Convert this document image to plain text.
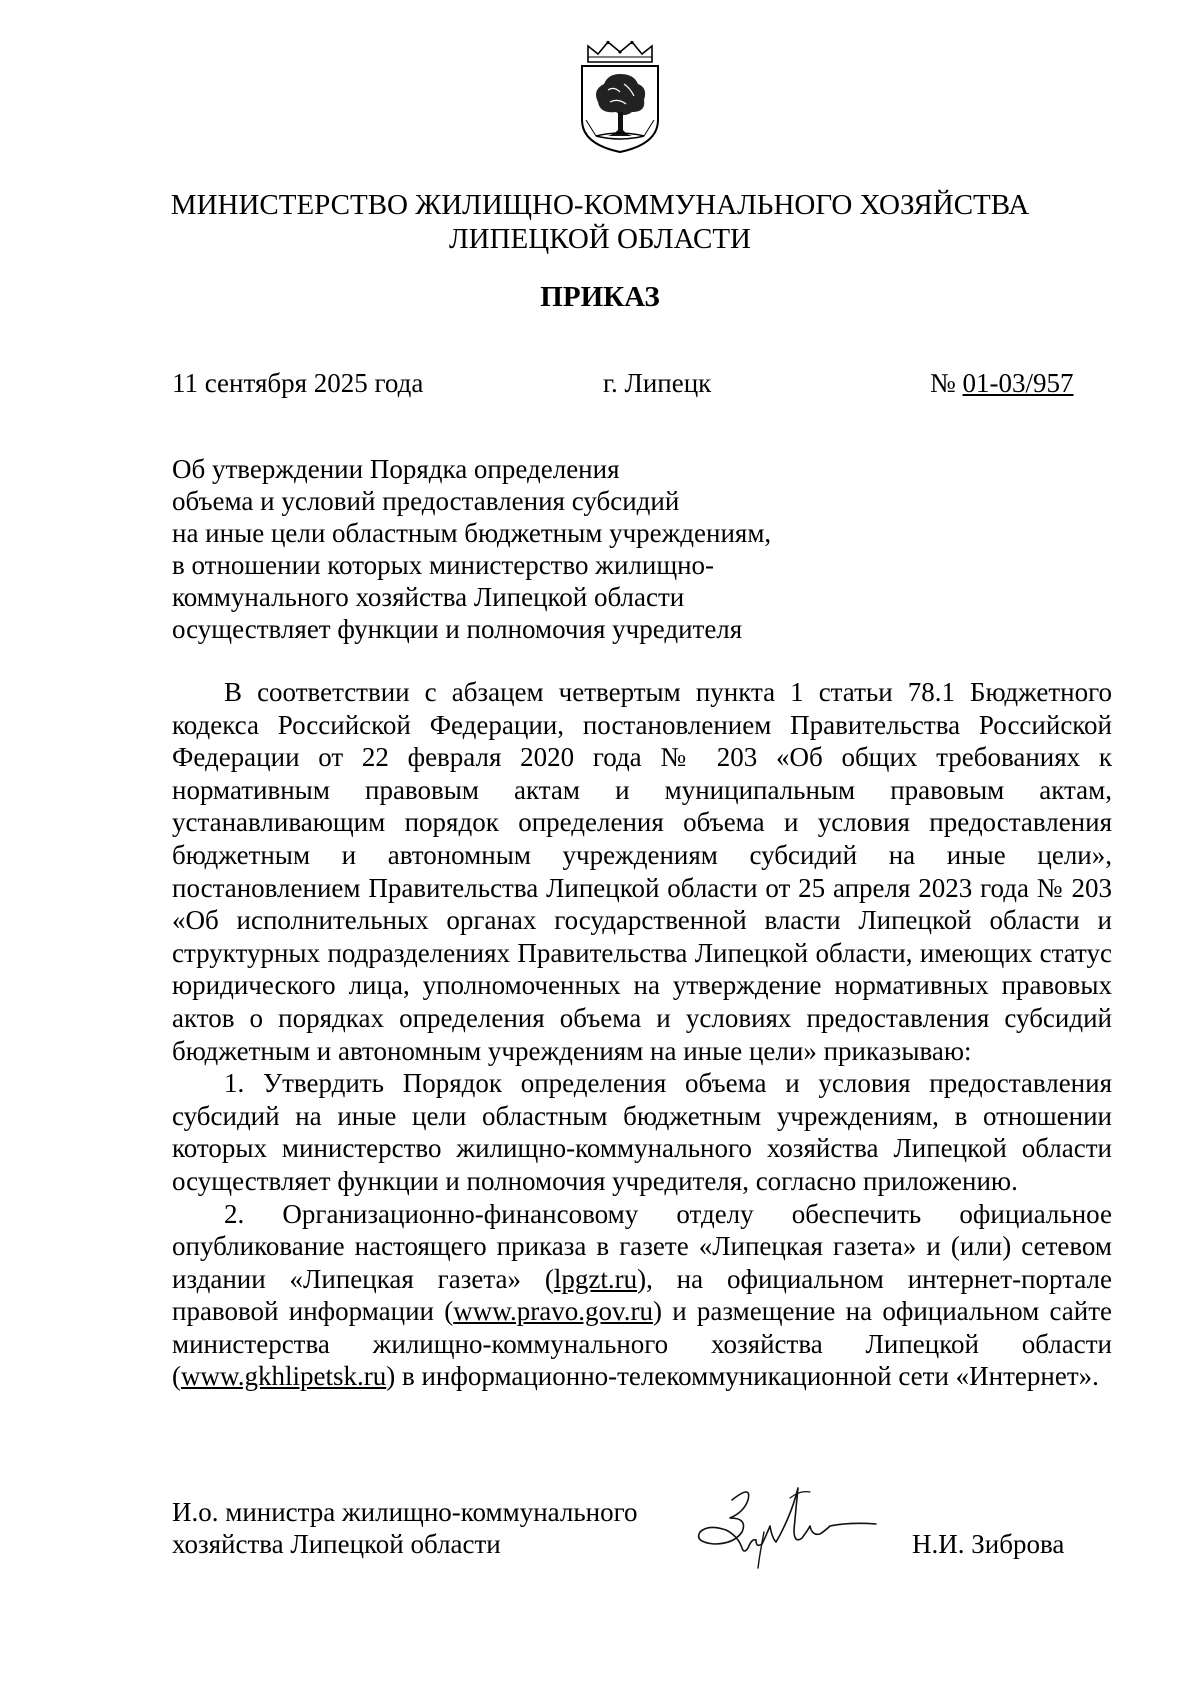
МИНИСТЕРСТВО ЖИЛИЩНО-КОММУНАЛЬНОГО ХОЗЯЙСТВА
ЛИПЕЦКОЙ ОБЛАСТИ
ПРИКАЗ
11 сентября 2025 года	г. Липецк	№ 01-03/957
Об утверждении Порядка определения
объема и условий предоставления субсидий
на иные цели областным бюджетным учреждениям,
в отношении которых министерство жилищно-
коммунального хозяйства Липецкой области
осуществляет функции и полномочия учредителя

В соответствии с абзацем четвертым пункта 1 статьи 78.1 Бюджетного кодекса Российской Федерации, постановлением Правительства Российской Федерации от 22 февраля 2020 года № 203 «Об общих требованиях к нормативным правовым актам и муниципальным правовым актам, устанавливающим порядок определения объема и условия предоставления бюджетным и автономным учреждениям субсидий на иные цели», постановлением Правительства Липецкой области от 25 апреля 2023 года № 203 «Об исполнительных органах государственной власти Липецкой области и структурных подразделениях Правительства Липецкой области, имеющих статус юридического лица, уполномоченных на утверждение нормативных правовых актов о порядках определения объема и условиях предоставления субсидий бюджетным и автономным учреждениям на иные цели» приказываю:

1. Утвердить Порядок определения объема и условия предоставления субсидий на иные цели областным бюджетным учреждениям, в отношении которых министерство жилищно-коммунального хозяйства Липецкой области осуществляет функции и полномочия учредителя, согласно приложению.

2. Организационно-финансовому отделу обеспечить официальное опубликование настоящего приказа в газете «Липецкая газета» и (или) сетевом издании «Липецкая газета» (lpgzt.ru), на официальном интернет-портале правовой информации (www.pravo.gov.ru) и размещение на официальном сайте министерства жилищно-коммунального хозяйства Липецкой области (www.gkhlipetsk.ru) в информационно-телекоммуникационной сети «Интернет».

И.о. министра жилищно-коммунального
хозяйства Липецкой области	Н.И. Зиброва
